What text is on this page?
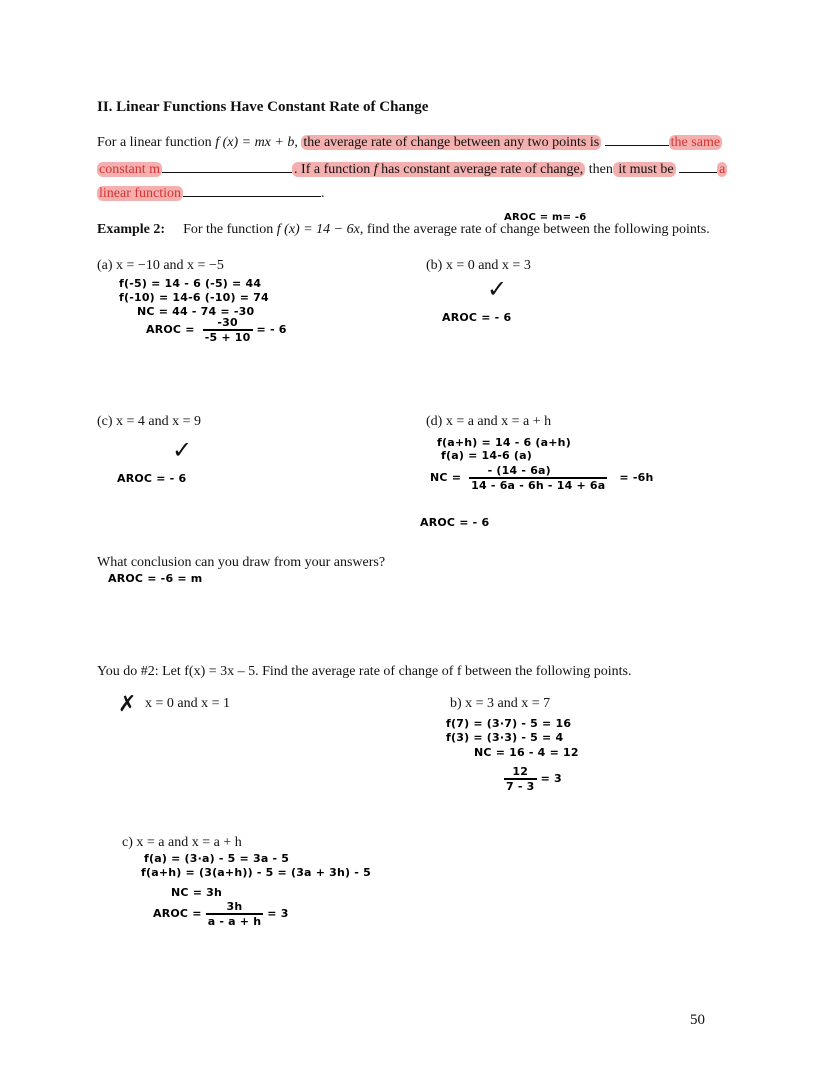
II. Linear Functions Have Constant Rate of Change
For a linear function f (x) = mx + b, the average rate of change between any two points is	the same
constant m	. If a function f has constant average rate of change, then it must be	a
linear function	.
AROC = m= -6
Example 2: For the function f (x) = 14 − 6x, find the average rate of change between the following points.
(a) x = −10 and x = −5
f(-5) = 14 - 6 (-5) = 44
f(-10) = 14-6 (-10) = 74
NC = 44 - 74 = -30
AROC = $\frac{-30}{-5 + 10}$ = - 6
(b) x = 0 and x = 3
✓
AROC = - 6
(c) x = 4 and x = 9
✓
AROC = - 6
(d) x = a and x = a + h
f(a+h) = 14 - 6 (a+h)
f(a) = 14-6 (a)
NC = $\frac{- (14 - 6a)}{14 - 6a - 6h - 14 + 6a} = -6h$
AROC = - 6
What conclusion can you draw from your answers?
AROC = -6 = m
You do #2: Let f(x) = 3x – 5. Find the average rate of change of f between the following points.
✗ x = 0 and x = 1	b) x = 3 and x = 7
f(7) = (3·7) - 5 = 16
f(3) = (3·3) - 5 = 4
NC = 16 - 4 = 12
$\frac{12}{7 - 3} = 3$
c) x = a and x = a + h
f(a) = (3·a) - 5 = 3a - 5
f(a+h) = (3(a+h)) - 5 = (3a + 3h) - 5
NC = 3h
AROC = $\frac{3h}{a - a + h} = 3$
50
